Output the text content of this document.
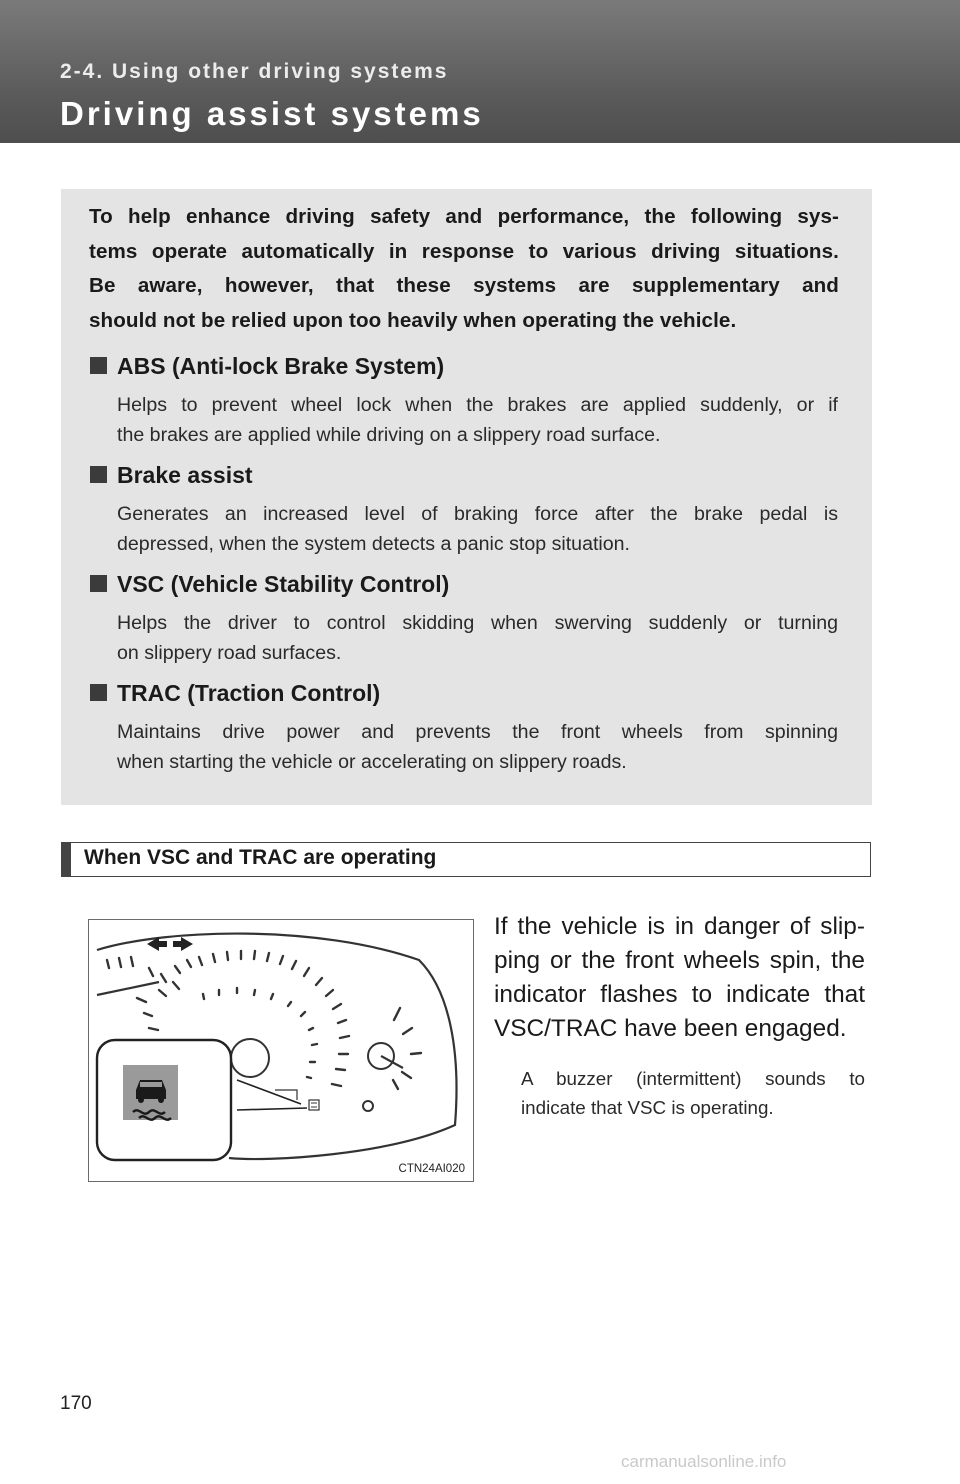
2-4. Using other driving systems
Driving assist systems
To help enhance driving safety and performance, the following sys-
tems operate automatically in response to various driving situations.
Be aware, however, that these systems are supplementary and
should not be relied upon too heavily when operating the vehicle.
ABS (Anti-lock Brake System)
Helps to prevent wheel lock when the brakes are applied suddenly, or if
the brakes are applied while driving on a slippery road surface.
Brake assist
Generates an increased level of braking force after the brake pedal is
depressed, when the system detects a panic stop situation.
VSC (Vehicle Stability Control)
Helps the driver to control skidding when swerving suddenly or turning
on slippery road surfaces.
TRAC (Traction Control)
Maintains drive power and prevents the front wheels from spinning
when starting the vehicle or accelerating on slippery roads.
When VSC and TRAC are operating
CTN24AI020
If the vehicle is in danger of slip-
ping or the front wheels spin, the
indicator flashes to indicate that
VSC/TRAC have been engaged.
A buzzer (intermittent) sounds to
indicate that VSC is operating.
170
carmanualsonline.info
